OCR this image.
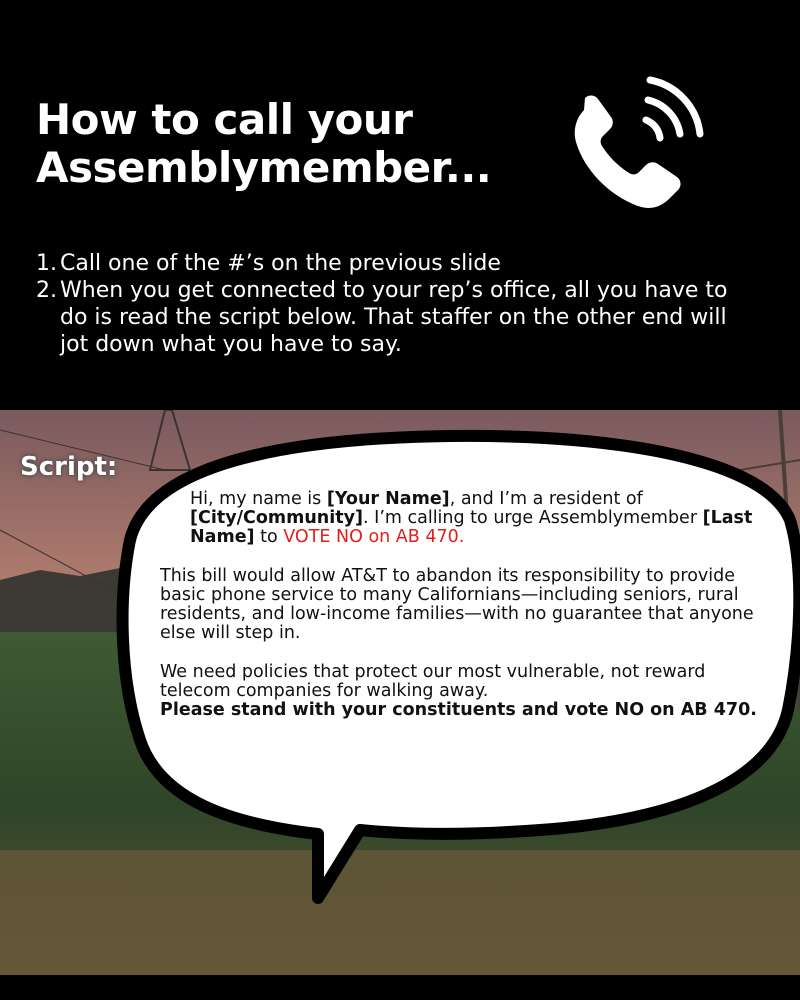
How to call your
Assemblymember...
1. Call one of the #’s on the previous slide
2. When you get connected to your rep’s office, all you have to do is read the script below. That staffer on the other end will jot down what you have to say.
Script:

Hi, my name is [Your Name], and I’m a resident of [City/Community]. I’m calling to urge Assemblymember [Last Name] to VOTE NO on AB 470.

This bill would allow AT&T to abandon its responsibility to provide basic phone service to many Californians—including seniors, rural residents, and low-income families—with no guarantee that anyone else will step in.

We need policies that protect our most vulnerable, not reward telecom companies for walking away.
Please stand with your constituents and vote NO on AB 470.
